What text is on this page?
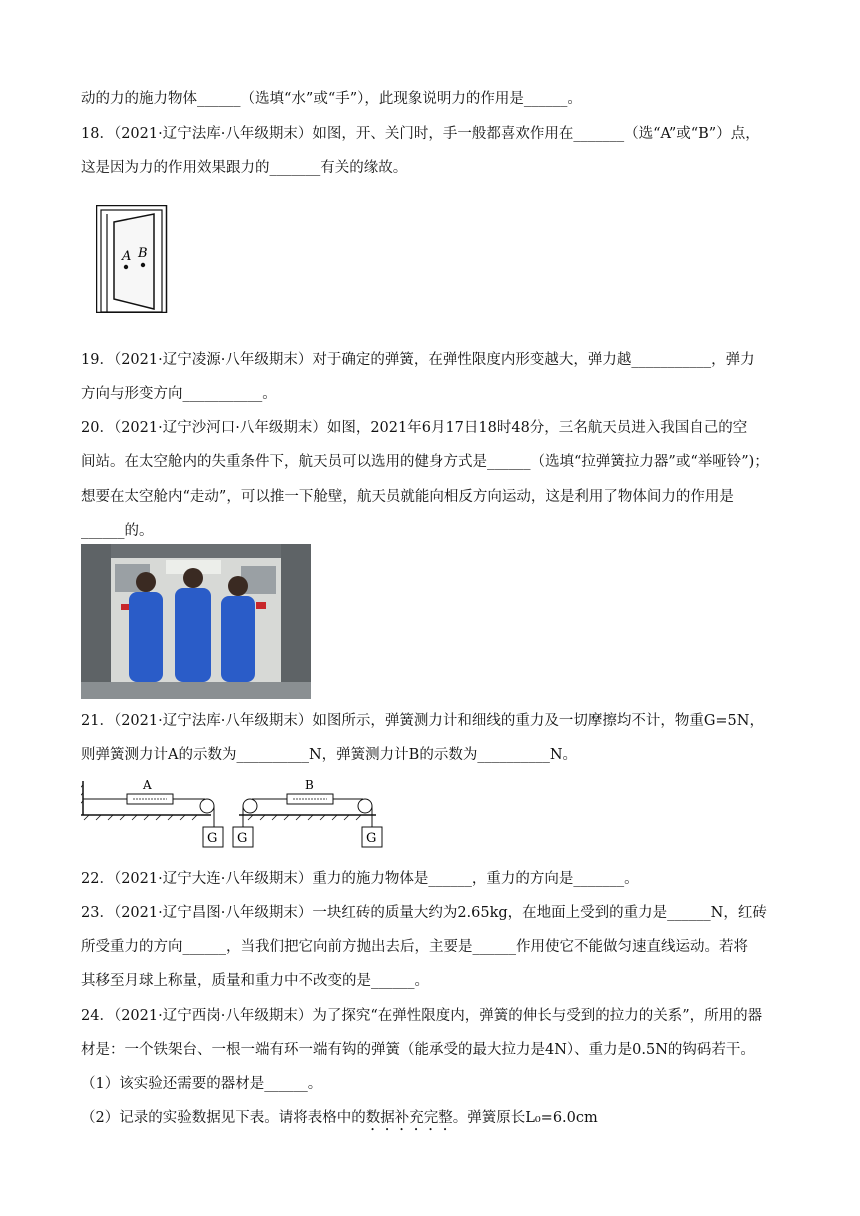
动的力的施力物体______（选填“水”或“手”），此现象说明力的作用是______。
18．（2021·辽宁法库·八年级期末）如图，开、关门时，手一般都喜欢作用在_______（选“A”或“B”）点，
这是因为力的作用效果跟力的_______有关的缘故。
19．（2021·辽宁凌源·八年级期末）对于确定的弹簧，在弹性限度内形变越大，弹力越___________，弹力
方向与形变方向___________。
20．（2021·辽宁沙河口·八年级期末）如图，2021年6月17日18时48分，三名航天员进入我国自己的空
间站。在太空舱内的失重条件下，航天员可以选用的健身方式是______（选填“拉弹簧拉力器”或“举哑铃”)；
想要在太空舱内“走动”，可以推一下舱壁，航天员就能向相反方向运动，这是利用了物体间力的作用是
______的。
21．（2021·辽宁法库·八年级期末）如图所示，弹簧测力计和细线的重力及一切摩擦均不计，物重G=5N，
则弹簧测力计A的示数为__________N，弹簧测力计B的示数为__________N。
22．（2021·辽宁大连·八年级期末）重力的施力物体是______，重力的方向是_______。
23．（2021·辽宁昌图·八年级期末）一块红砖的质量大约为2.65kg，在地面上受到的重力是______N，红砖
所受重力的方向______，当我们把它向前方抛出去后，主要是______作用使它不能做匀速直线运动。若将
其移至月球上称量，质量和重力中不改变的是______。
24．（2021·辽宁西岗·八年级期末）为了探究“在弹性限度内，弹簧的伸长与受到的拉力的关系”，所用的器
材是：一个铁架台、一根一端有环一端有钩的弹簧（能承受的最大拉力是4N）、重力是0.5N的钩码若干。
（1）该实验还需要的器材是______。
（2）记录的实验数据见下表。请将表格中的数据补充完整。弹簧原长L₀=6.0cm
A B
A
G G
B
G
